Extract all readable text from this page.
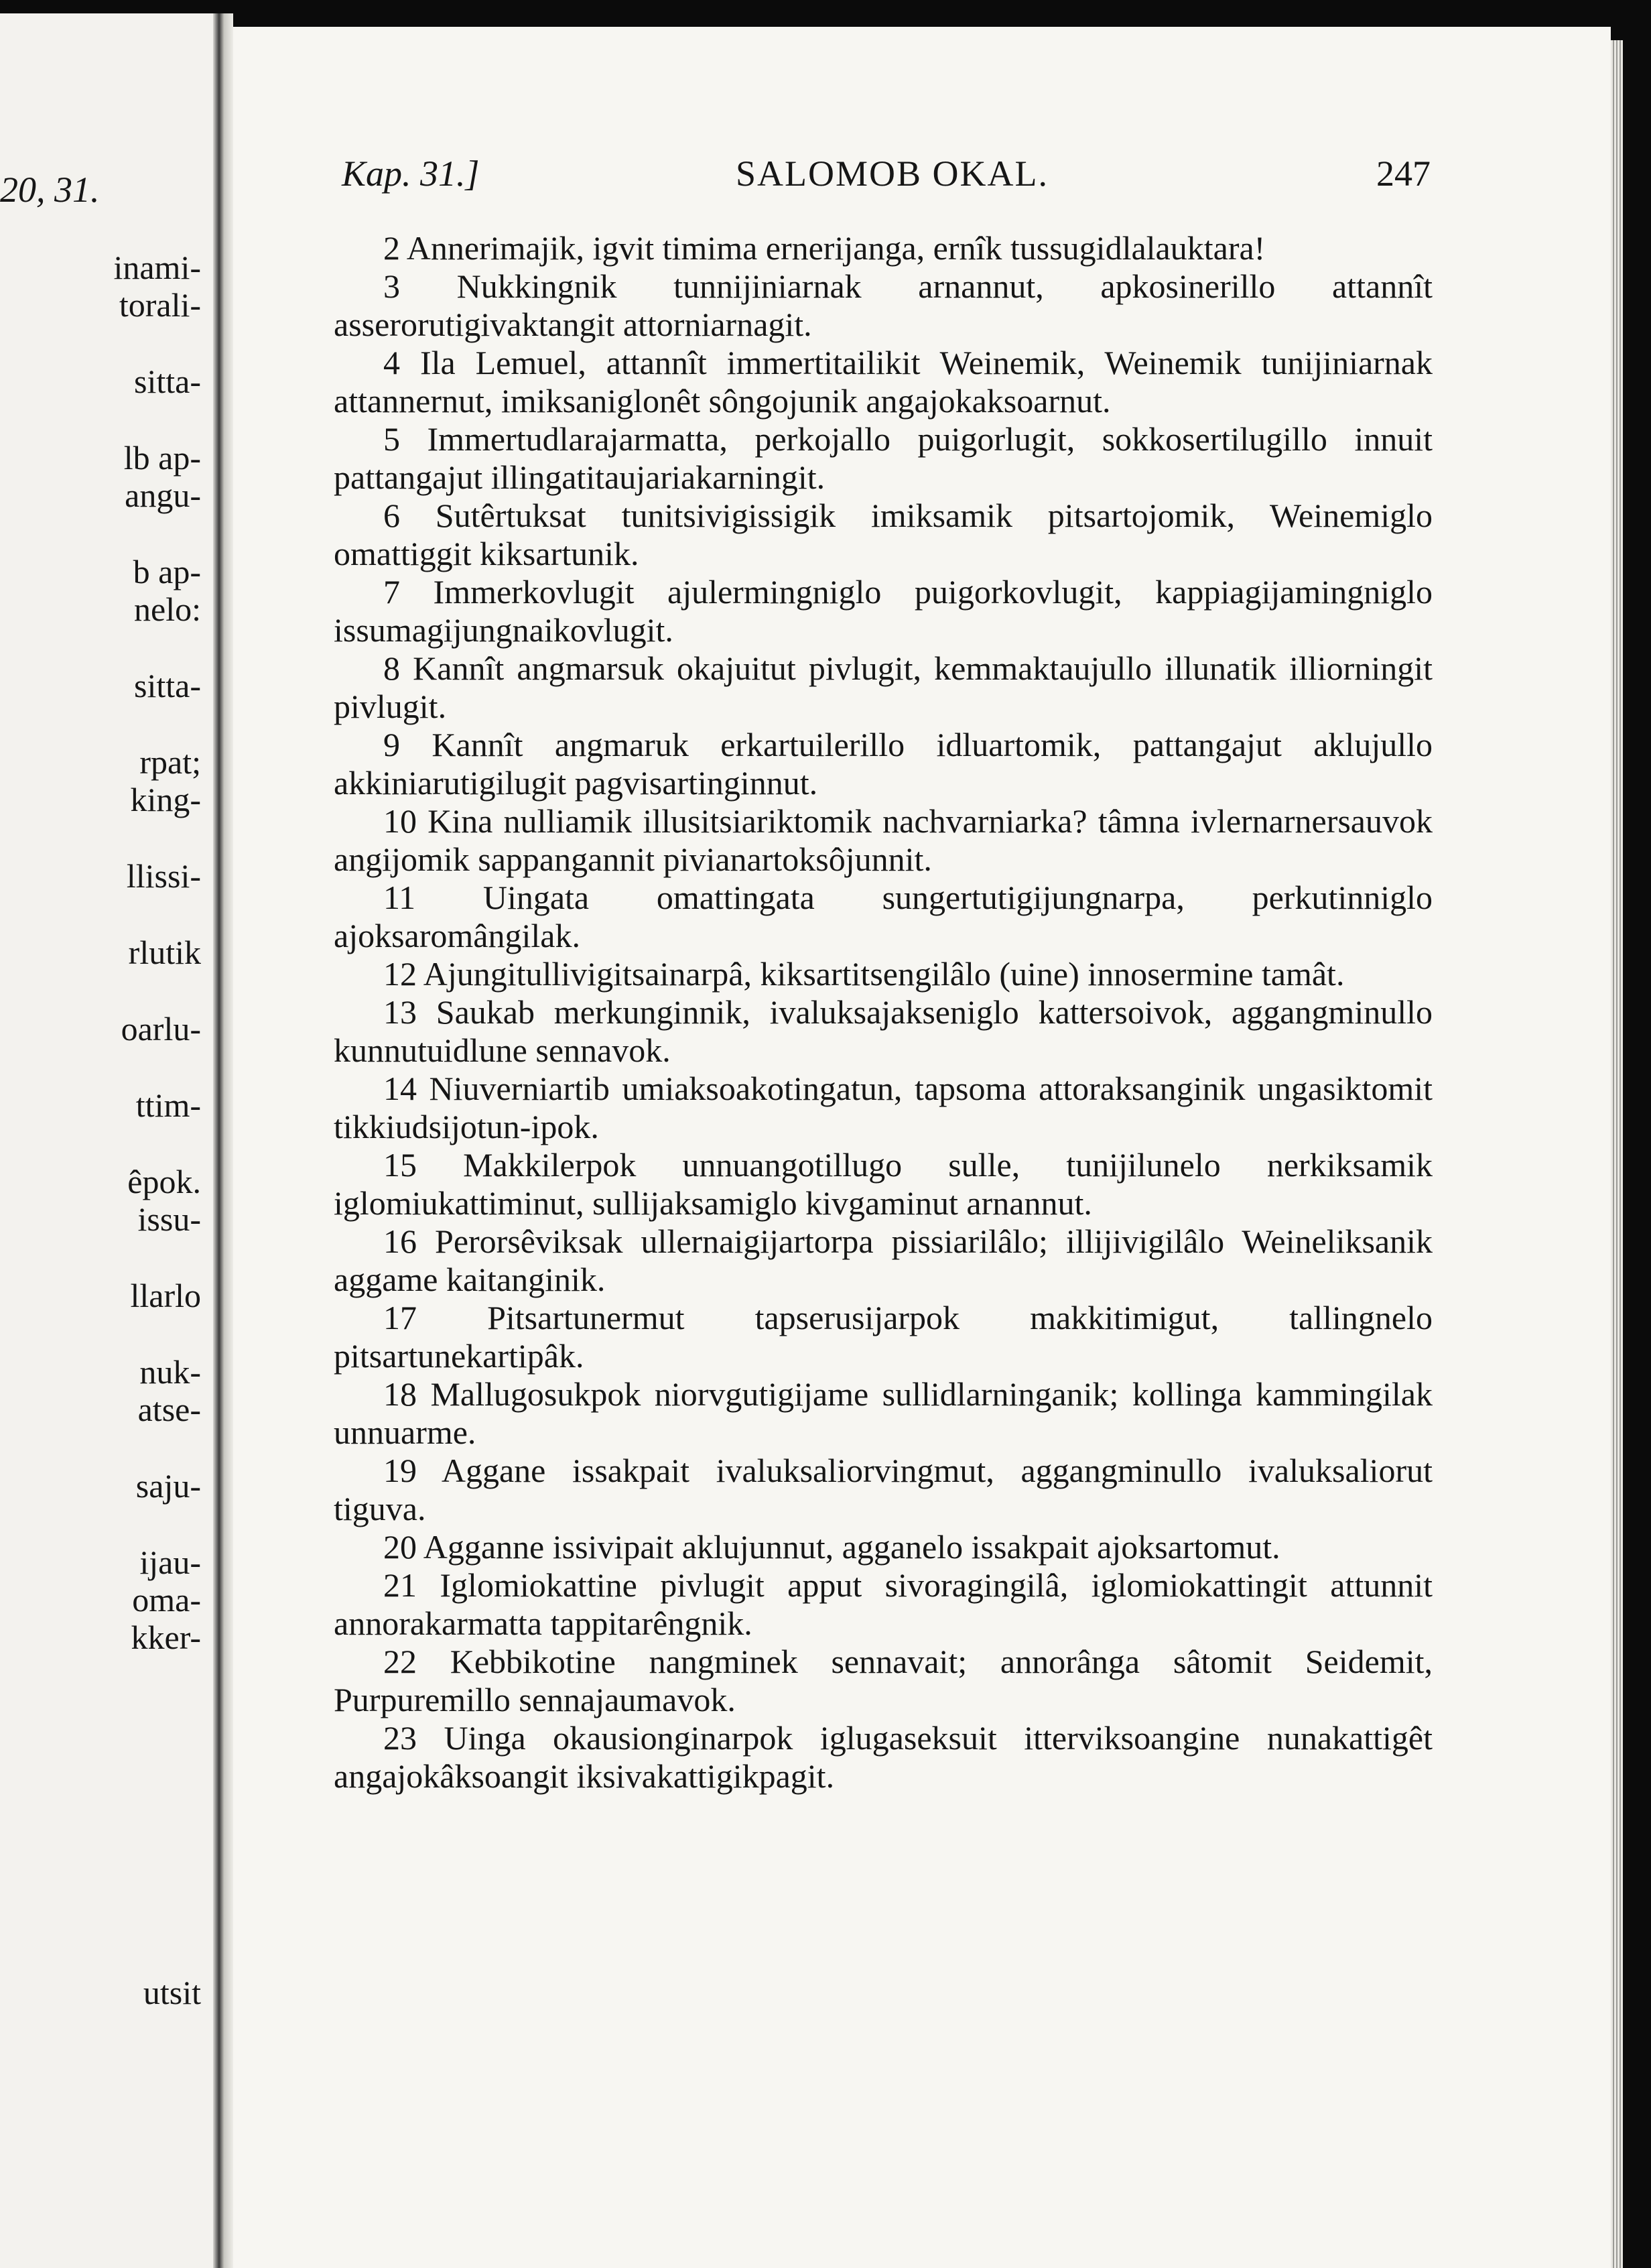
20, 31.
inami-
torali-
sitta-
lb ap-
angu-
b ap-
nelo:
sitta-
rpat;
king-
llissi-
rlutik
oarlu-
ttim-
êpok.
issu-
llarlo
nuk-
atse-
saju-
ijau-
oma-
kker-
utsit
Kap. 31.]	SALOMOB OKAL.	247

2 Annerimajik, igvit timima ernerijanga, ernîk tussugidlalauktara!

3 Nukkingnik tunnijiniarnak arnannut, apkosinerillo attannît asserorutigivaktangit attorniarnagit.

4 Ila Lemuel, attannît immertitailikit Weinemik, Weinemik tunijiniarnak attannernut, imiksaniglonêt sôngojunik angajokaksoarnut.

5 Immertudlarajarmatta, perkojallo puigorlugit, sokkosertilugillo innuit pattangajut illingatitaujariakarningit.

6 Sutêrtuksat tunitsivigissigik imiksamik pitsartojomik, Weinemiglo omattiggit kiksartunik.

7 Immerkovlugit ajulermingniglo puigorkovlugit, kappiagijamingniglo issumagijungnaikovlugit.

8 Kannît angmarsuk okajuitut pivlugit, kemmaktaujullo illunatik illiorningit pivlugit.

9 Kannît angmaruk erkartuilerillo idluartomik, pattangajut aklujullo akkiniarutigilugit pagvisartinginnut.

10 Kina nulliamik illusitsiariktomik nachvarniarka? tâmna ivlernarnersauvok angijomik sappangannit pivianartoksôjunnit.

11 Uingata omattingata sungertutigijungnarpa, perkutinniglo ajoksaromângilak.

12 Ajungitullivigitsainarpâ, kiksartitsengilâlo (uine) innosermine tamât.

13 Saukab merkunginnik, ivaluksajakseniglo kattersoivok, aggangminullo kunnutuidlune sennavok.

14 Niuverniartib umiaksoakotingatun, tapsoma attoraksanginik ungasiktomit tikkiudsijotun-ipok.

15 Makkilerpok unnuangotillugo sulle, tunijilunelo nerkiksamik iglomiukattiminut, sullijaksamiglo kivgaminut arnannut.

16 Perorsêviksak ullernaigijartorpa pissiarilâlo; illijivigilâlo Weineliksanik aggame kaitanginik.

17 Pitsartunermut tapserusijarpok makkitimigut, tallingnelo pitsartunekartipâk.

18 Mallugosukpok niorvgutigijame sullidlarninganik; kollinga kammingilak unnuarme.

19 Aggane issakpait ivaluksaliorvingmut, aggangminullo ivaluksaliorut tiguva.

20 Agganne issivipait aklujunnut, agganelo issakpait ajoksartomut.

21 Iglomiokattine pivlugit apput sivoragingilâ, iglomiokattingit attunnit annorakarmatta tappitarêngnik.

22 Kebbikotine nangminek sennavait; annorânga sâtomit Seidemit, Purpuremillo sennajaumavok.

23 Uinga okausionginarpok iglugaseksuit itterviksoangine nunakattigêt angajokâksoangit iksivakattigikpagit.
